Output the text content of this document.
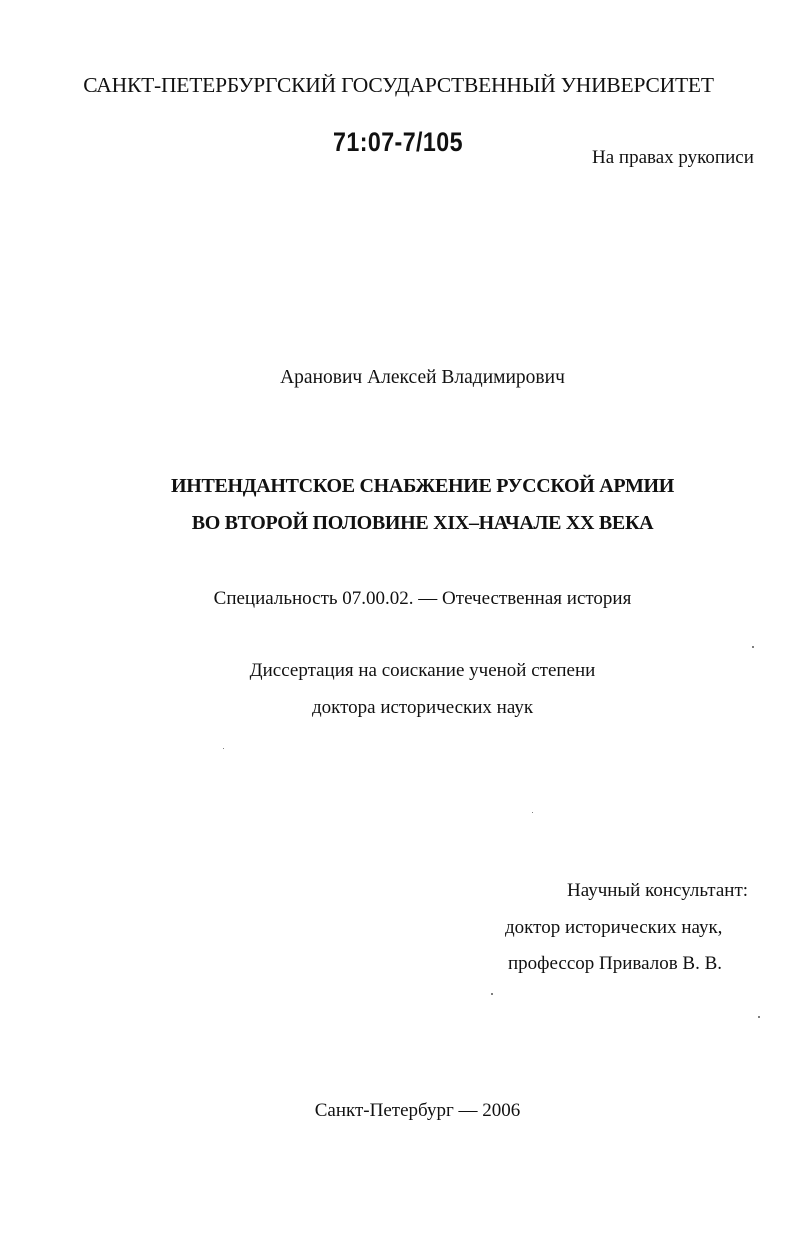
САНКТ-ПЕТЕРБУРГСКИЙ ГОСУДАРСТВЕННЫЙ УНИВЕРСИТЕТ
71:07-7/105
На правах рукописи
Аранович Алексей Владимирович
ИНТЕНДАНТСКОЕ СНАБЖЕНИЕ РУССКОЙ АРМИИ
ВО ВТОРОЙ ПОЛОВИНЕ XIX–НАЧАЛЕ XX ВЕКА
Специальность 07.00.02. — Отечественная история
Диссертация на соискание ученой степени
доктора исторических наук
Научный консультант:
доктор исторических наук,
профессор Привалов В. В.
Санкт-Петербург — 2006
